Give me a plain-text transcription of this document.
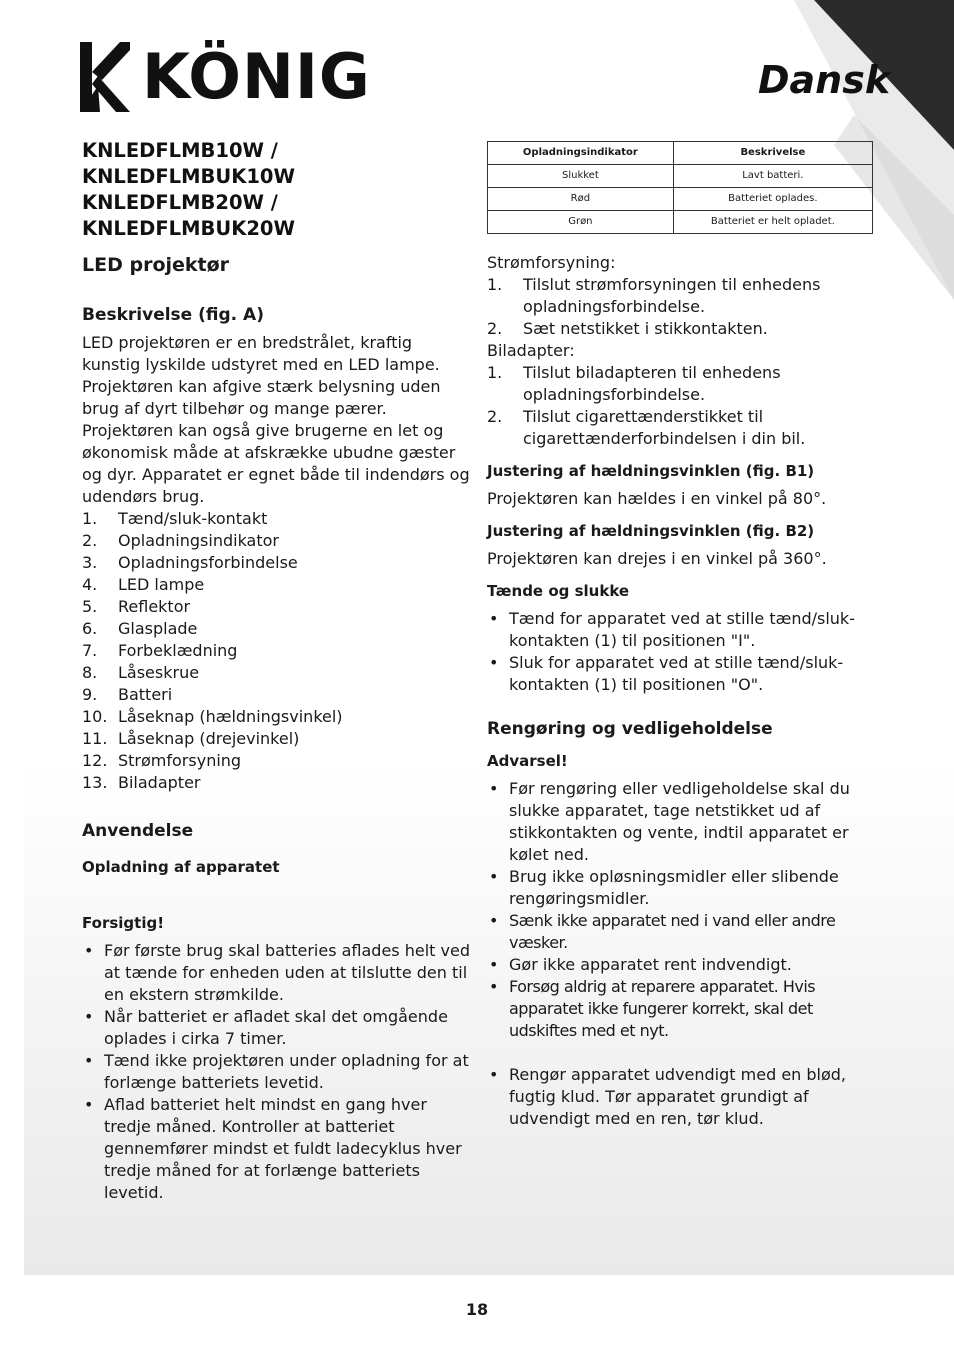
KÖNIG	Dansk
KNLEDFLMB10W / KNLEDFLMBUK10W
KNLEDFLMB20W / KNLEDFLMBUK20W
LED projektør
Beskrivelse (fig. A)

LED projektøren er en bredstrålet, kraftig kunstig lyskilde udstyret med en LED lampe. Projektøren kan afgive stærk belysning uden brug af dyrt tilbehør og mange pærer. Projektøren kan også give brugerne en let og økonomisk måde at afskrække ubudne gæster og dyr. Apparatet er egnet både til indendørs og udendørs brug.

1.	Tænd/sluk-kontakt
2.	Opladningsindikator
3.	Opladningsforbindelse
4.	LED lampe
5.	Reflektor
6.	Glasplade
7.	Forbeklædning
8.	Låseskrue
9.	Batteri
10. Låseknap (hældningsvinkel)
11. Låseknap (drejevinkel)
12. Strømforsyning
13. Biladapter
Anvendelse
Opladning af apparatet
Forsigtig!
• Før første brug skal batteries aflades helt ved at tænde for enheden uden at tilslutte den til en ekstern strømkilde.
• Når batteriet er afladet skal det omgående oplades i cirka 7 timer.
• Tænd ikke projektøren under opladning for at forlænge batteriets levetid.
• Aflad batteriet helt mindst en gang hver tredje måned. Kontroller at batteriet gennemfører mindst et fuldt ladecyklus hver tredje måned for at forlænge batteriets levetid.
Opladningsindikator	Beskrivelse
Slukket	Lavt batteri.
Rød	Batteriet oplades.
Grøn	Batteriet er helt opladet.

Strømforsyning:

1.	Tilslut strømforsyningen til enhedens opladningsforbindelse.
2.	Sæt netstikket i stikkontakten.

Biladapter:

1.	Tilslut biladapteren til enhedens opladningsforbindelse.
2.	Tilslut cigarettænderstikket til cigarettænderforbindelsen i din bil.
Justering af hældningsvinklen (fig. B1)

Projektøren kan hældes i en vinkel på 80°.

Justering af hældningsvinklen (fig. B2)

Projektøren kan drejes i en vinkel på 360°.

Tænde og slukke
• Tænd for apparatet ved at stille tænd/sluk-kontakten (1) til positionen "I".
• Sluk for apparatet ved at stille tænd/sluk-kontakten (1) til positionen "O".
Rengøring og vedligeholdelse
Advarsel!
• Før rengøring eller vedligeholdelse skal du slukke apparatet, tage netstikket ud af stikkontakten og vente, indtil apparatet er kølet ned.
• Brug ikke opløsningsmidler eller slibende rengøringsmidler.
• Sænk ikke apparatet ned i vand eller andre væsker.
• Gør ikke apparatet rent indvendigt.
• Forsøg aldrig at reparere apparatet. Hvis apparatet ikke fungerer korrekt, skal det udskiftes med et nyt.
• Rengør apparatet udvendigt med en blød, fugtig klud. Tør apparatet grundigt af udvendigt med en ren, tør klud.
18
